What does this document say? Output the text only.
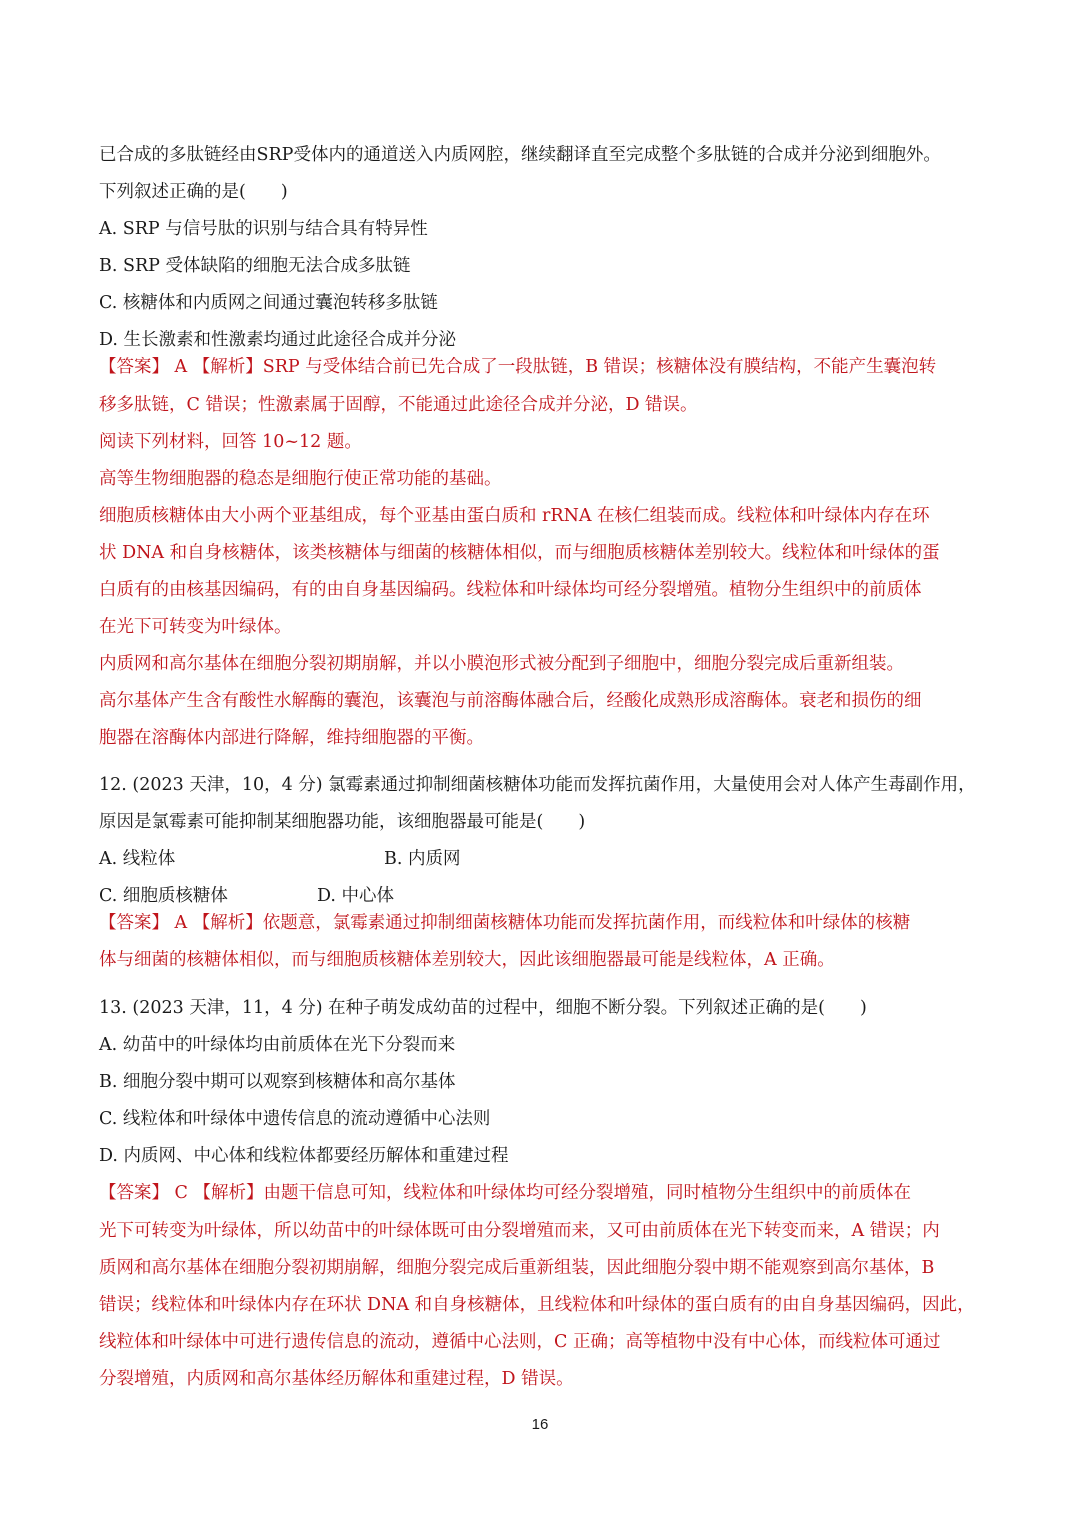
已合成的多肽链经由SRP受体内的通道送入内质网腔，继续翻译直至完成整个多肽链的合成并分泌到细胞外。
下列叙述正确的是(　　)
A. SRP 与信号肽的识别与结合具有特异性
B. SRP 受体缺陷的细胞无法合成多肽链
C. 核糖体和内质网之间通过囊泡转移多肽链
D. 生长激素和性激素均通过此途径合成并分泌
【答案】 A 【解析】SRP 与受体结合前已先合成了一段肽链，B 错误；核糖体没有膜结构，不能产生囊泡转
移多肽链，C 错误；性激素属于固醇，不能通过此途径合成并分泌，D 错误。
阅读下列材料，回答 10~12 题。
高等生物细胞器的稳态是细胞行使正常功能的基础。
细胞质核糖体由大小两个亚基组成，每个亚基由蛋白质和 rRNA 在核仁组装而成。线粒体和叶绿体内存在环
状 DNA 和自身核糖体，该类核糖体与细菌的核糖体相似，而与细胞质核糖体差别较大。线粒体和叶绿体的蛋
白质有的由核基因编码，有的由自身基因编码。线粒体和叶绿体均可经分裂增殖。植物分生组织中的前质体
在光下可转变为叶绿体。
内质网和高尔基体在细胞分裂初期崩解，并以小膜泡形式被分配到子细胞中，细胞分裂完成后重新组装。
高尔基体产生含有酸性水解酶的囊泡，该囊泡与前溶酶体融合后，经酸化成熟形成溶酶体。衰老和损伤的细
胞器在溶酶体内部进行降解，维持细胞器的平衡。
12. (2023 天津，10，4 分) 氯霉素通过抑制细菌核糖体功能而发挥抗菌作用，大量使用会对人体产生毒副作用，
原因是氯霉素可能抑制某细胞器功能，该细胞器最可能是(　　)
A. 线粒体	B. 内质网
C. 细胞质核糖体	D. 中心体
【答案】 A 【解析】依题意，氯霉素通过抑制细菌核糖体功能而发挥抗菌作用，而线粒体和叶绿体的核糖
体与细菌的核糖体相似，而与细胞质核糖体差别较大，因此该细胞器最可能是线粒体，A 正确。
13. (2023 天津，11，4 分) 在种子萌发成幼苗的过程中，细胞不断分裂。下列叙述正确的是(　　)
A. 幼苗中的叶绿体均由前质体在光下分裂而来
B. 细胞分裂中期可以观察到核糖体和高尔基体
C. 线粒体和叶绿体中遗传信息的流动遵循中心法则
D. 内质网、中心体和线粒体都要经历解体和重建过程
【答案】 C 【解析】由题干信息可知，线粒体和叶绿体均可经分裂增殖，同时植物分生组织中的前质体在
光下可转变为叶绿体，所以幼苗中的叶绿体既可由分裂增殖而来，又可由前质体在光下转变而来，A 错误；内
质网和高尔基体在细胞分裂初期崩解，细胞分裂完成后重新组装，因此细胞分裂中期不能观察到高尔基体，B
错误；线粒体和叶绿体内存在环状 DNA 和自身核糖体，且线粒体和叶绿体的蛋白质有的由自身基因编码，因此，
线粒体和叶绿体中可进行遗传信息的流动，遵循中心法则，C 正确；高等植物中没有中心体，而线粒体可通过
分裂增殖，内质网和高尔基体经历解体和重建过程，D 错误。
16
